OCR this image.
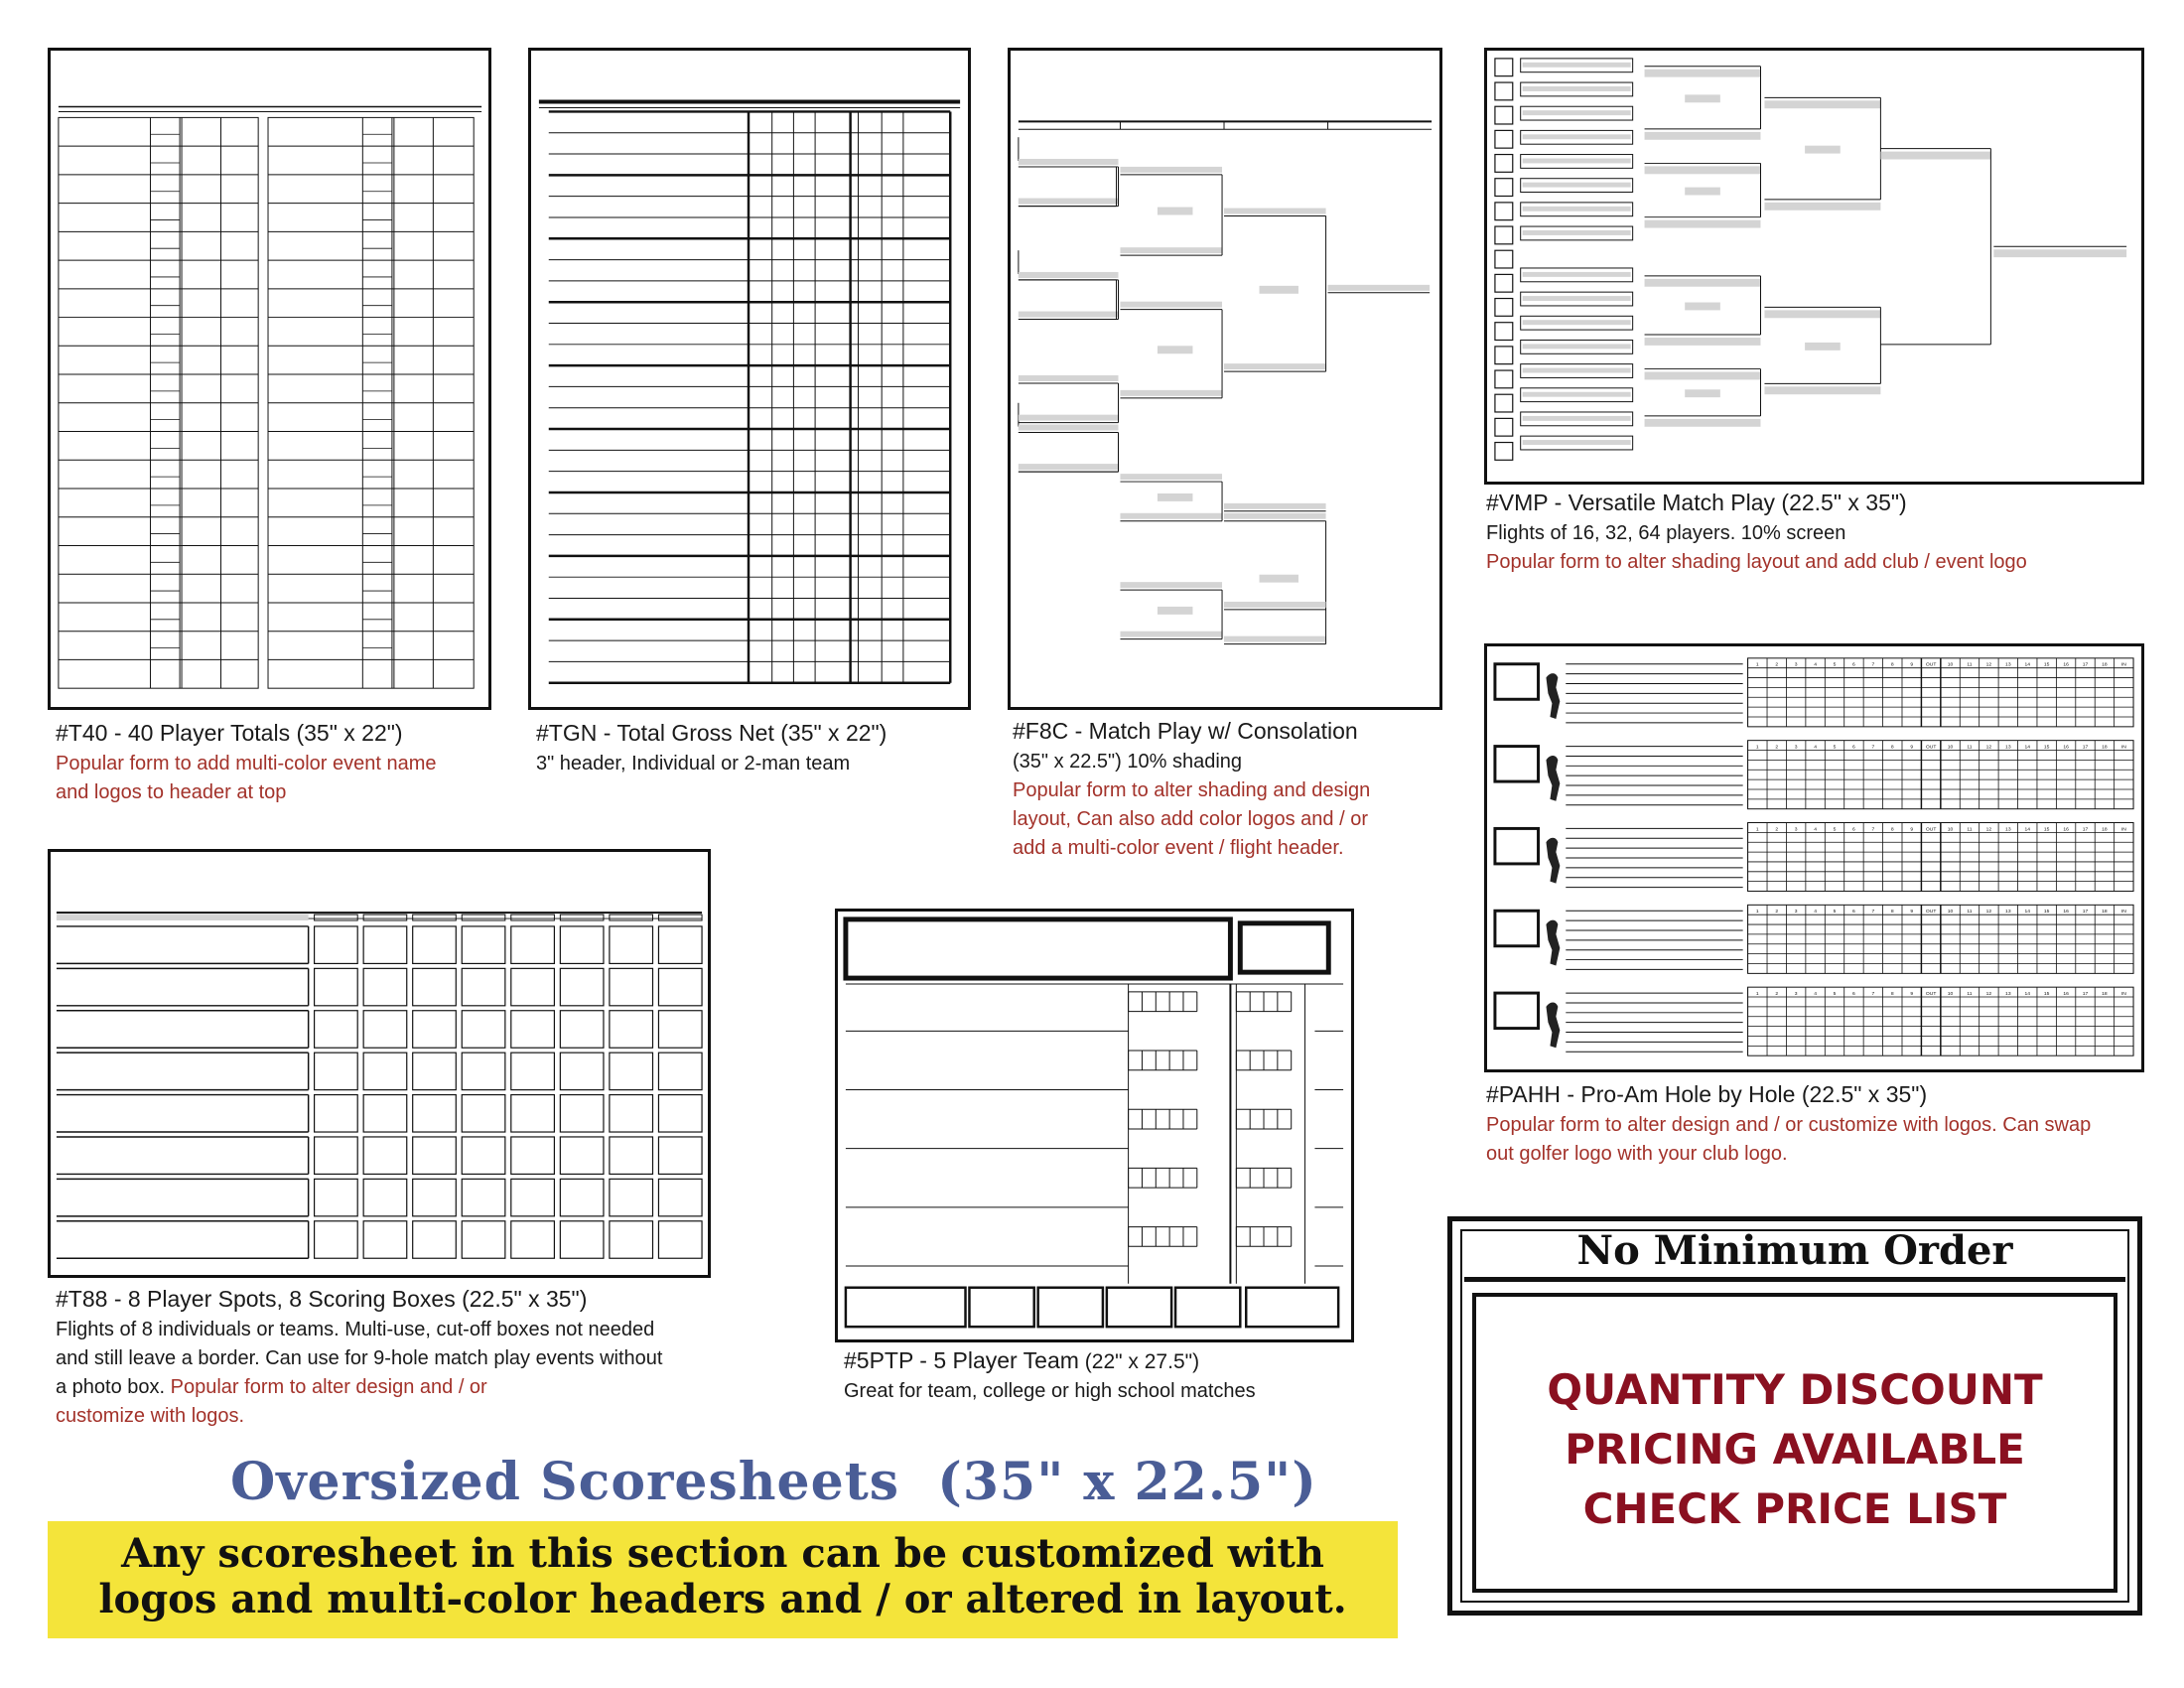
#T40 - 40 Player Totals (35" x 22")
Popular form to add multi-color event name
and logos to header at top
#TGN - Total Gross Net (35" x 22")
3" header, Individual or 2-man team
#F8C - Match Play w/ Consolation
(35" x 22.5") 10% shading
Popular form to alter shading and design
layout, Can also add color logos and / or
add a multi-color event / flight header.
#VMP - Versatile Match Play (22.5" x 35")
Flights of 16, 32, 64 players. 10% screen
Popular form to alter shading layout and add club / event logo
1	2	3	4	5	6	7	8	9	OUT 10	11	12	13	14	15	16	17	18	IN
1	2	3	4	5	6	7	8	9	OUT 10	11	12	13	14	15	16	17	18	IN
1	2	3	4	5	6	7	8	9	OUT 10	11	12	13	14	15	16	17	18	IN
1	2	3	4	5	6	7	8	9	OUT 10	11	12	13	14	15	16	17	18	IN
1	2	3	4	5	6	7	8	9	OUT 10	11	12	13	14	15	16	17	18	IN
#PAHH - Pro-Am Hole by Hole (22.5" x 35")
Popular form to alter design and / or customize with logos. Can swap
out golfer logo with your club logo.
#T88 - 8 Player Spots, 8 Scoring Boxes (22.5" x 35")
Flights of 8 individuals or teams. Multi-use, cut-off boxes not needed
and still leave a border. Can use for 9-hole match play events without
a photo box. Popular form to alter design and / or
customize with logos.
#5PTP - 5 Player Team (22" x 27.5")
Great for team, college or high school matches
Oversized Scoresheets  (35" x 22.5")
Any scoresheet in this section can be customized with
logos and multi-color headers and / or altered in layout.
No Minimum Order
QUANTITY DISCOUNT
PRICING AVAILABLE
CHECK PRICE LIST
